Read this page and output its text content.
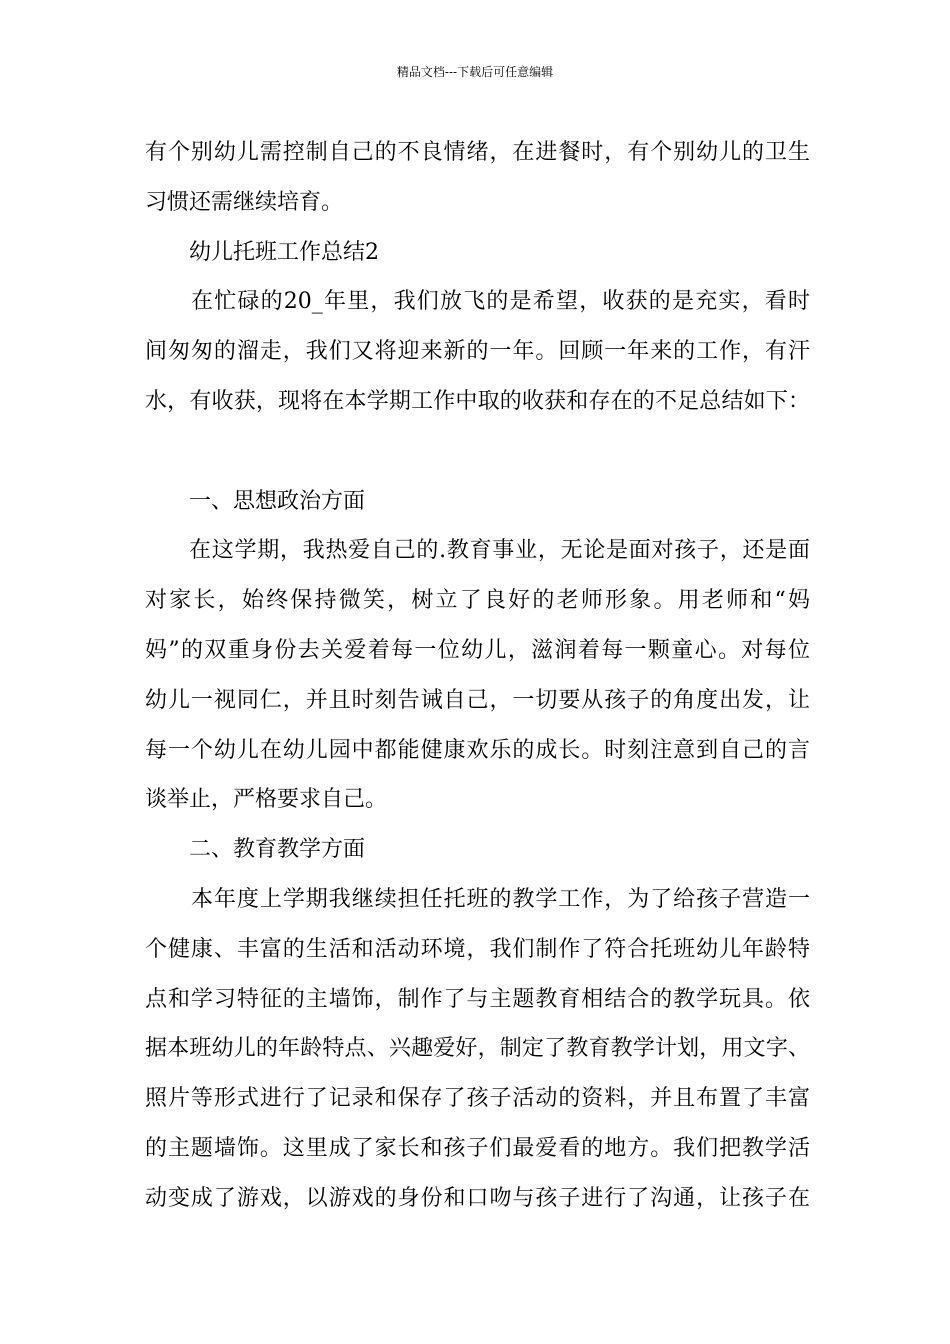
精品文档---下载后可任意编辑
有个别幼儿需控制自己的不良情绪，在进餐时，有个别幼儿的卫生
习惯还需继续培育。
幼儿托班工作总结2
在忙碌的20_年里，我们放飞的是希望，收获的是充实，看时
间匆匆的溜走，我们又将迎来新的一年。回顾一年来的工作，有汗
水，有收获，现将在本学期工作中取的收获和存在的不足总结如下：
一、思想政治方面
在这学期，我热爱自己的.教育事业，无论是面对孩子，还是面
对家长，始终保持微笑，树立了良好的老师形象。用老师和“妈
妈”的双重身份去关爱着每一位幼儿，滋润着每一颗童心。对每位
幼儿一视同仁，并且时刻告诫自己，一切要从孩子的角度出发，让
每一个幼儿在幼儿园中都能健康欢乐的成长。时刻注意到自己的言
谈举止，严格要求自己。
二、教育教学方面
本年度上学期我继续担任托班的教学工作，为了给孩子营造一
个健康、丰富的生活和活动环境，我们制作了符合托班幼儿年龄特
点和学习特征的主墙饰，制作了与主题教育相结合的教学玩具。依
据本班幼儿的年龄特点、兴趣爱好，制定了教育教学计划，用文字、
照片等形式进行了记录和保存了孩子活动的资料，并且布置了丰富
的主题墙饰。这里成了家长和孩子们最爱看的地方。我们把教学活
动变成了游戏，以游戏的身份和口吻与孩子进行了沟通，让孩子在
